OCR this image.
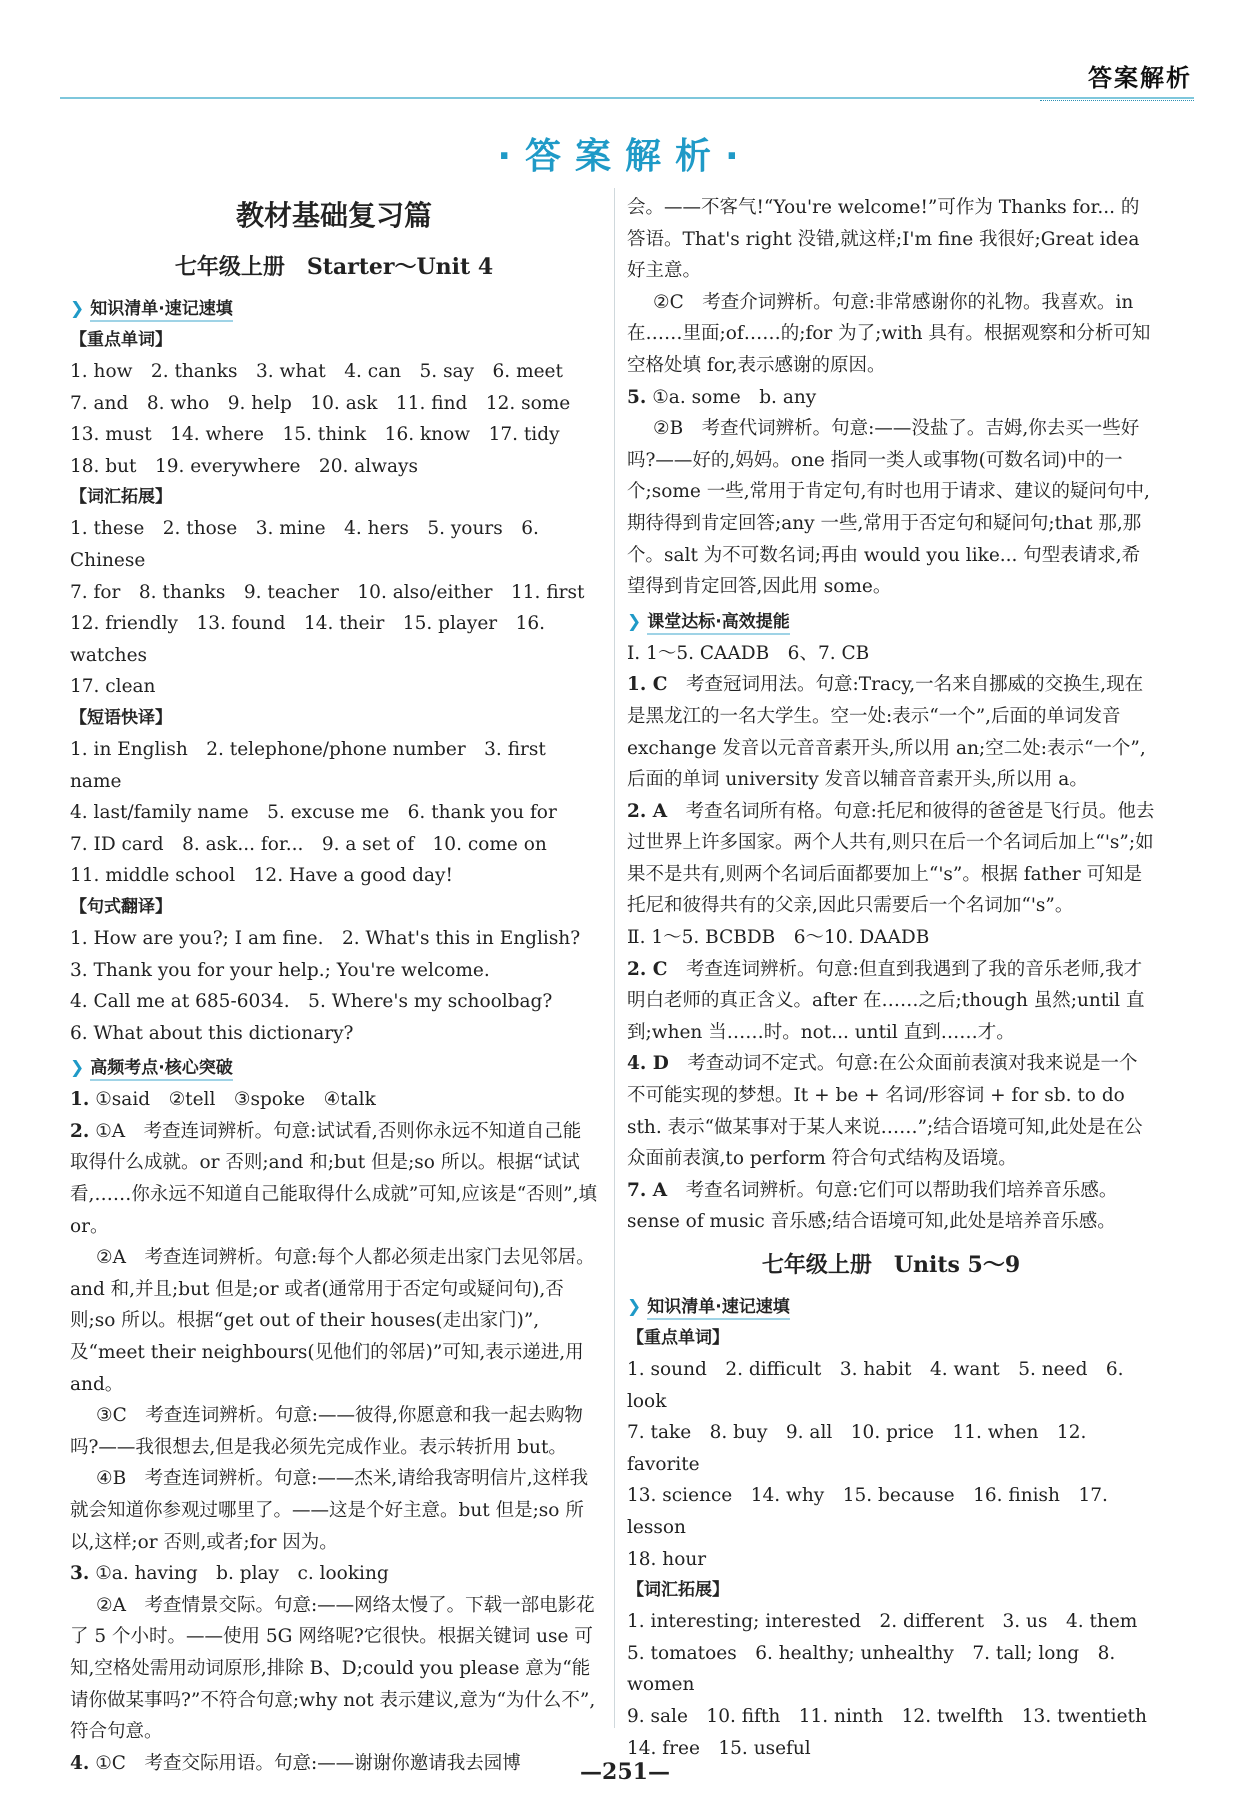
答案解析
·答案解析·

教材基础复习篇

七年级上册　Starter～Unit 4

❯ 知识清单·速记速填

【重点单词】

1. how　2. thanks　3. what　4. can　5. say　6. meet

7. and　8. who　9. help　10. ask　11. find　12. some

13. must　14. where　15. think　16. know　17. tidy

18. but　19. everywhere　20. always

【词汇拓展】

1. these　2. those　3. mine　4. hers　5. yours　6. Chinese

7. for　8. thanks　9. teacher　10. also/either　11. first

12. friendly　13. found　14. their　15. player　16. watches

17. clean

【短语快译】

1. in English　2. telephone/phone number　3. first name

4. last/family name　5. excuse me　6. thank you for

7. ID card　8. ask... for...　9. a set of　10. come on

11. middle school　12. Have a good day!

【句式翻译】

1. How are you?; I am fine.　2. What's this in English?

3. Thank you for your help.; You're welcome.

4. Call me at 685-6034.　5. Where's my schoolbag?

6. What about this dictionary?

❯ 高频考点·核心突破

1. ①said　②tell　③spoke　④talk

2. ①A　考查连词辨析。句意:试试看,否则你永远不知道自己能取得什么成就。or 否则;and 和;but 但是;so 所以。根据“试试看,……你永远不知道自己能取得什么成就”可知,应该是“否则”,填 or。

②A　考查连词辨析。句意:每个人都必须走出家门去见邻居。and 和,并且;but 但是;or 或者(通常用于否定句或疑问句),否则;so 所以。根据“get out of their houses(走出家门)”,及“meet their neighbours(见他们的邻居)”可知,表示递进,用 and。

③C　考查连词辨析。句意:——彼得,你愿意和我一起去购物吗?——我很想去,但是我必须先完成作业。表示转折用 but。

④B　考查连词辨析。句意:——杰米,请给我寄明信片,这样我就会知道你参观过哪里了。——这是个好主意。but 但是;so 所以,这样;or 否则,或者;for 因为。

3. ①a. having　b. play　c. looking

②A　考查情景交际。句意:——网络太慢了。下载一部电影花了 5 个小时。——使用 5G 网络呢?它很快。根据关键词 use 可知,空格处需用动词原形,排除 B、D;could you please 意为“能请你做某事吗?”不符合句意;why not 表示建议,意为“为什么不”,符合句意。

4. ①C　考查交际用语。句意:——谢谢你邀请我去园博

会。——不客气!“You're welcome!”可作为 Thanks for... 的答语。That's right 没错,就这样;I'm fine 我很好;Great idea 好主意。

②C　考查介词辨析。句意:非常感谢你的礼物。我喜欢。in 在……里面;of……的;for 为了;with 具有。根据观察和分析可知空格处填 for,表示感谢的原因。

5. ①a. some　b. any

②B　考查代词辨析。句意:——没盐了。吉姆,你去买一些好吗?——好的,妈妈。one 指同一类人或事物(可数名词)中的一个;some 一些,常用于肯定句,有时也用于请求、建议的疑问句中,期待得到肯定回答;any 一些,常用于否定句和疑问句;that 那,那个。salt 为不可数名词;再由 would you like... 句型表请求,希望得到肯定回答,因此用 some。

❯ 课堂达标·高效提能

Ⅰ. 1～5. CAADB　6、7. CB

1. C　 考查冠词用法。句意:Tracy,一名来自挪威的交换生,现在是黑龙江的一名大学生。空一处:表示“一个”,后面的单词发音 exchange 发音以元音音素开头,所以用 an;空二处:表示“一个”,后面的单词 university 发音以辅音音素开头,所以用 a。

2. A　 考查名词所有格。句意:托尼和彼得的爸爸是飞行员。他去过世界上许多国家。两个人共有,则只在后一个名词后加上“'s”;如果不是共有,则两个名词后面都要加上“'s”。根据 father 可知是托尼和彼得共有的父亲,因此只需要后一个名词加“'s”。

Ⅱ. 1～5. BCBDB　6～10. DAADB

2. C　 考查连词辨析。句意:但直到我遇到了我的音乐老师,我才明白老师的真正含义。after 在……之后;though 虽然;until 直到;when 当……时。not... until 直到……才。

4. D　 考查动词不定式。句意:在公众面前表演对我来说是一个不可能实现的梦想。It + be + 名词/形容词 + for sb. to do sth. 表示“做某事对于某人来说……”;结合语境可知,此处是在公众面前表演,to perform 符合句式结构及语境。

7. A　 考查名词辨析。句意:它们可以帮助我们培养音乐感。sense of music 音乐感;结合语境可知,此处是培养音乐感。

七年级上册　Units 5～9

❯ 知识清单·速记速填

【重点单词】

1. sound　2. difficult　3. habit　4. want　5. need　6. look

7. take　8. buy　9. all　10. price　11. when　12. favorite

13. science　14. why　15. because　16. finish　17. lesson

18. hour

【词汇拓展】

1. interesting; interested　2. different　3. us　4. them

5. tomatoes　6. healthy; unhealthy　7. tall; long　8. women

9. sale　10. fifth　11. ninth　12. twelfth　13. twentieth

14. free　15. useful

—251—
